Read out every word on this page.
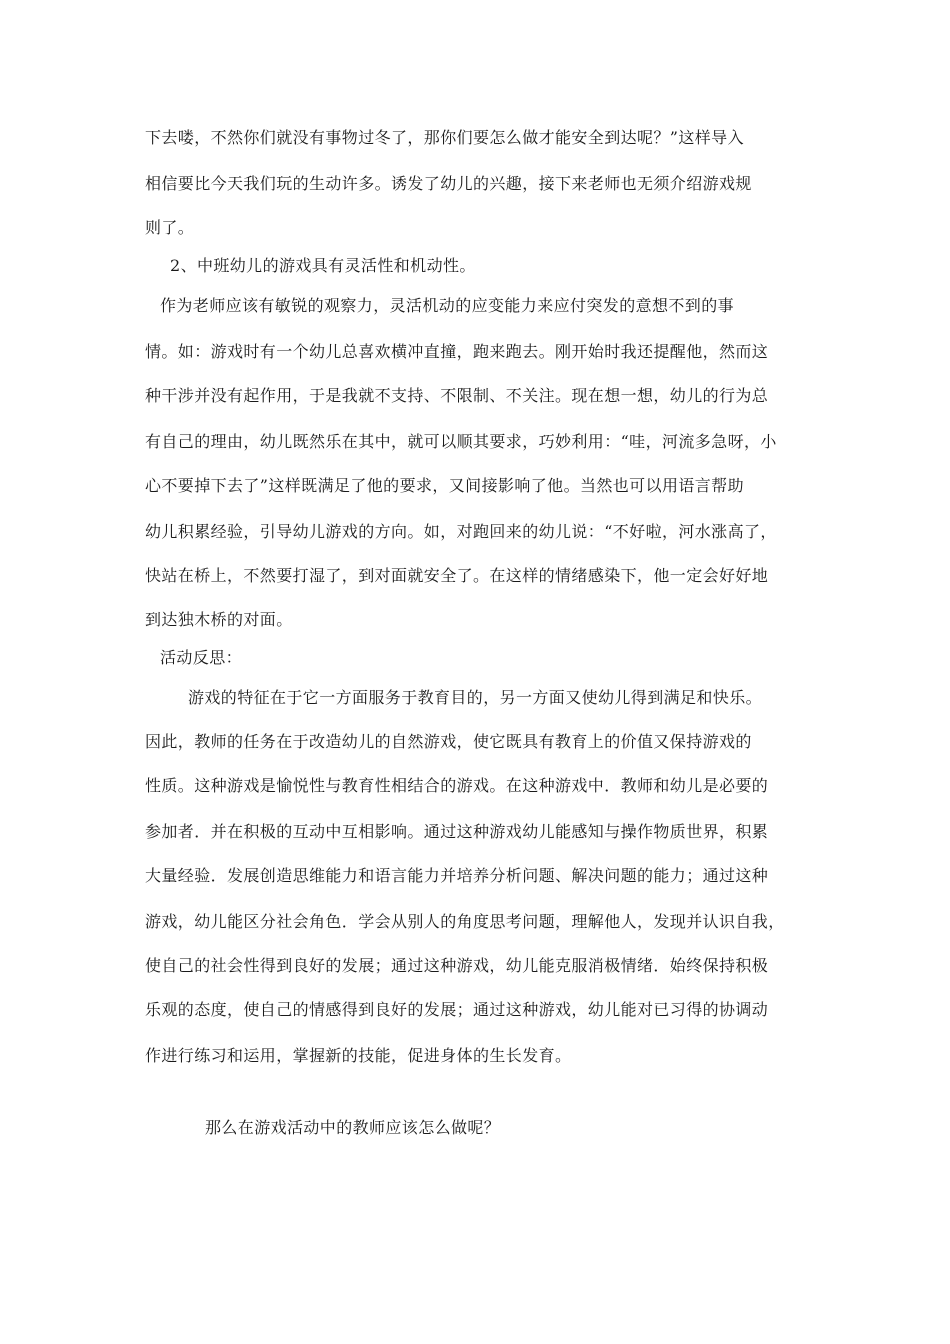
下去喽，不然你们就没有事物过冬了，那你们要怎么做才能安全到达呢？”这样导入
相信要比今天我们玩的生动许多。诱发了幼儿的兴趣，接下来老师也无须介绍游戏规
则了。
2、中班幼儿的游戏具有灵活性和机动性。
作为老师应该有敏锐的观察力，灵活机动的应变能力来应付突发的意想不到的事
情。如：游戏时有一个幼儿总喜欢横冲直撞，跑来跑去。刚开始时我还提醒他，然而这
种干涉并没有起作用，于是我就不支持、不限制、不关注。现在想一想，幼儿的行为总
有自己的理由，幼儿既然乐在其中，就可以顺其要求，巧妙利用：“哇，河流多急呀，小
心不要掉下去了”这样既满足了他的要求，又间接影响了他。当然也可以用语言帮助
幼儿积累经验，引导幼儿游戏的方向。如，对跑回来的幼儿说：“不好啦，河水涨高了，
快站在桥上，不然要打湿了，到对面就安全了。在这样的情绪感染下，他一定会好好地
到达独木桥的对面。
活动反思：
游戏的特征在于它一方面服务于教育目的，另一方面又使幼儿得到满足和快乐。
因此，教师的任务在于改造幼儿的自然游戏，使它既具有教育上的价值又保持游戏的
性质。这种游戏是愉悦性与教育性相结合的游戏。在这种游戏中．教师和幼儿是必要的
参加者．并在积极的互动中互相影响。通过这种游戏幼儿能感知与操作物质世界，积累
大量经验．发展创造思维能力和语言能力并培养分析问题、解决问题的能力；通过这种
游戏，幼儿能区分社会角色．学会从别人的角度思考问题，理解他人，发现并认识自我，
使自己的社会性得到良好的发展；通过这种游戏，幼儿能克服消极情绪．始终保持积极
乐观的态度，使自己的情感得到良好的发展；通过这种游戏，幼儿能对已习得的协调动
作进行练习和运用，掌握新的技能，促进身体的生长发育。
那么在游戏活动中的教师应该怎么做呢？
